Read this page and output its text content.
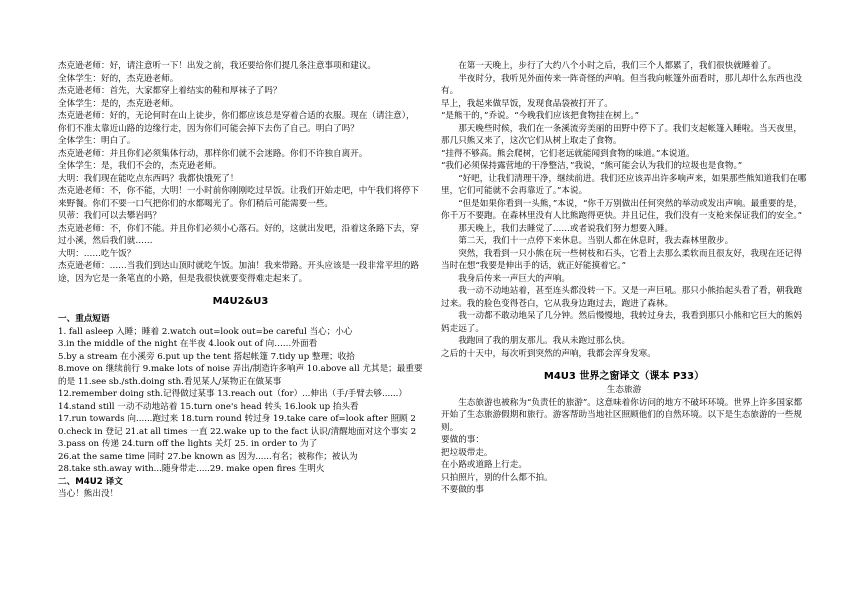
杰克逊老师：好，请注意听一下！出发之前，我还要给你们提几条注意事项和建议。

全体学生：好的，杰克逊老师。

杰克逊老师：首先，大家都穿上着结实的鞋和厚袜子了吗？

全体学生：是的，杰克逊老师。

杰克逊老师：好的，无论何时在山上徒步，你们都应该总是穿着合适的衣服。现在（请注意），你们不准太靠近山路的边缘行走，因为你们可能会掉下去伤了自己。明白了吗？

全体学生：明白了。

杰克逊老师：并且你们必须集体行动，那样你们就不会迷路。你们不许独自离开。

全体学生：是，我们不会的，杰克逊老师。

大明：我们现在能吃点东西吗？我都快饿死了！

杰克逊老师：不，你不能，大明！一小时前你刚刚吃过早饭。让我们开始走吧，中午我们将停下来野餐。你们不要一口气把你们的水都喝光了。你们稍后可能需要一些。

贝蒂：我们可以去攀岩吗？

杰克逊老师：不，你们不能。并且你们必须小心落石。好的，这就出发吧，沿着这条路下去，穿过小溪，然后我们就……

大明：……吃午饭？

杰克逊老师：……当我们到达山顶时就吃午饭。加油！我来带路。开头应该是一段非常平坦的路途，因为它是一条笔直的小路，但是我很快就要变得难走起来了。

M4U2&U3

一、重点短语

1. fall asleep 入睡；睡着 2.watch out=look out=be careful 当心；小心

3.in the middle of the night 在半夜 4.look out of 向……外面看

5.by a stream 在小溪旁 6.put up the tent 搭起帐篷 7.tidy up 整理；收拾

8.move on 继续前行 9.make lots of noise 弄出/制造许多响声 10.above all 尤其是；最重要的是 11.see sb./sth.doing sth.看见某人/某物正在做某事

12.remember doing sth.记得做过某事 13.reach out（for）...伸出（手/手臂去够......）

14.stand still 一动不动地站着 15.turn one's head 转头 16.look up 抬头看

17.run towards 向......跑过来 18.turn round 转过身 19.take care of=look after 照顾 20.check in 登记 21.at all times 一直 22.wake up to the fact 认识/清醒地面对这个事实 23.pass on 传递 24.turn off the lights 关灯 25. in order to 为了

26.at the same time 同时 27.be known as 因为......有名；被称作；被认为

28.take sth.away with...随身带走.....29. make open fires 生明火

二、M4U2 译文

当心！熊出没！

在第一天晚上，步行了大约八个小时之后，我们三个人都累了，我们很快就睡着了。

半夜时分，我听见外面传来一阵奇怪的声响。但当我向帐篷外面看时，那儿却什么东西也没有。

早上，我起来做早饭，发现食品袋被打开了。

“是熊干的，”乔说。“今晚我们应该把食物挂在树上。”

那天晚些时候，我们在一条溪流旁美丽的田野中停下了。我们支起帐篷入睡啦。当天夜里，那几只熊又来了，这次它们从树上取走了食物。

“挂得不够高。熊会爬树，它们老远就能闻到食物的味道。”本说道。

“我们必须保持露营地的干净整洁，”我说，“熊可能会认为我们的垃圾也是食物。”

“好吧，让我们清理干净，继续前进。我们还应该弄出许多响声来，如果那些熊知道我们在哪里，它们可能就不会再靠近了。”本说。

“但是如果你看到一头熊，”本说，“你千万别做出任何突然的举动或发出声响。最重要的是，你千万不要跑。在森林里没有人比熊跑得更快。并且记住，我们没有一支枪来保证我们的安全。”

那天晚上，我们去睡觉了……或者说我们努力想要入睡。

第二天，我们十一点停下来休息。当别人都在休息时，我去森林里散步。

突然，我看到一只小熊在玩一些树枝和石头，它看上去那么柔软而且很友好，我现在还记得当时在想“我要是伸出手的话，就正好能摸着它。”

我身后传来一声巨大的声响。

我一动不动地站着，甚至连头都没转一下。又是一声巨吼。那只小熊抬起头看了看，朝我跑过来。我的脸色变得苍白，它从我身边跑过去，跑进了森林。

我一动都不敢动地呆了几分钟。然后慢慢地，我转过身去，我看到那只小熊和它巨大的熊妈妈走远了。

我跑回了我的朋友那儿。我从未跑过那么快。

之后的十天中，每次听到突然的声响，我都会浑身发寒。

M4U3 世界之窗译文（课本 P33）

生态旅游

生态旅游也被称为“负责任的旅游”。这意味着你访问的地方不破坏环境。世界上许多国家都开始了生态旅游假期和旅行。游客帮助当地社区照顾他们的自然环境。以下是生态旅游的一些规则。

要做的事：

把垃圾带走。

在小路或道路上行走。

只拍照片，别的什么都不拍。

不要做的事
